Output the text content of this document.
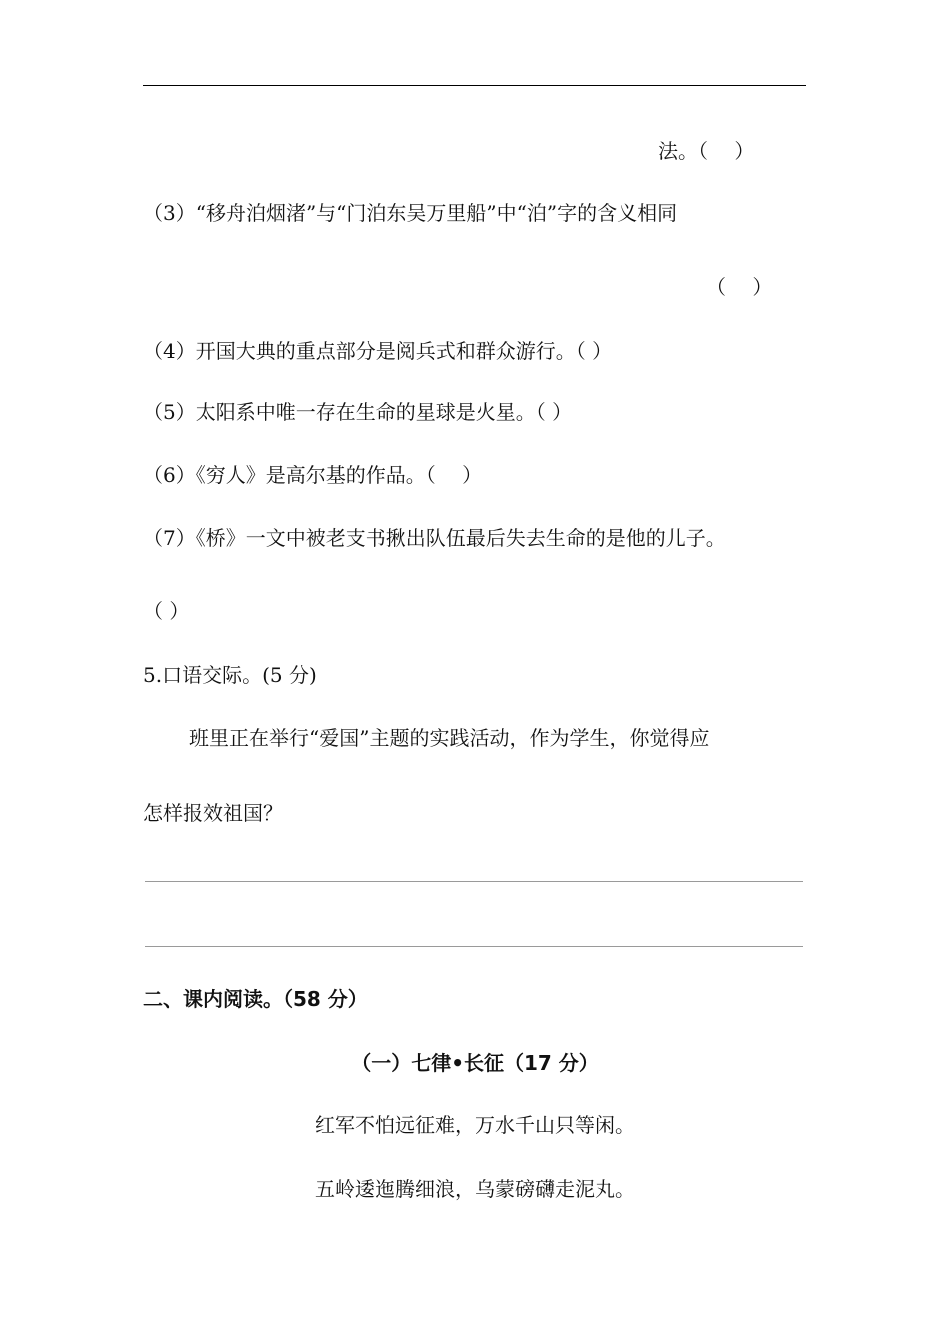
法。（　 ）
（3）“移舟泊烟渚”与“门泊东吴万里船”中“泊”字的含义相同
（　 ）
（4）开国大典的重点部分是阅兵式和群众游行。（ ）
（5）太阳系中唯一存在生命的星球是火星。（ ）
（6）《穷人》是高尔基的作品。（　 ）
（7）《桥》一文中被老支书揪出队伍最后失去生命的是他的儿子。
（ ）
5.口语交际。(5 分)
班里正在举行“爱国”主题的实践活动，作为学生，你觉得应
怎样报效祖国？
二、课内阅读。（58 分）
（一）七律•长征（17 分）
红军不怕远征难，万水千山只等闲。
五岭逶迤腾细浪，乌蒙磅礴走泥丸。
